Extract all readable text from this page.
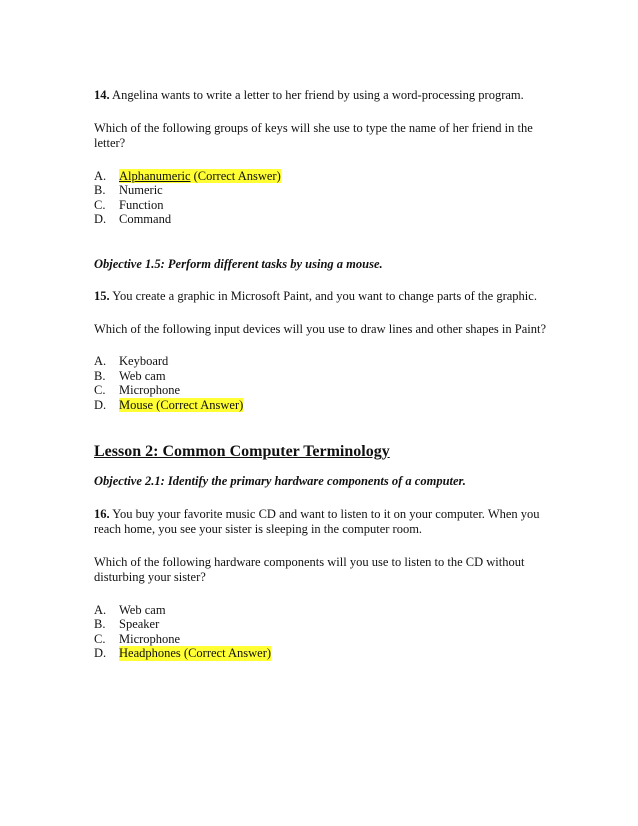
14. Angelina wants to write a letter to her friend by using a word-processing program.

Which of the following groups of keys will she use to type the name of her friend in the letter?

A.	Alphanumeric (Correct Answer)
B.	Numeric
C.	Function
D.	Command

Objective 1.5: Perform different tasks by using a mouse.

15. You create a graphic in Microsoft Paint, and you want to change parts of the graphic.

Which of the following input devices will you use to draw lines and other shapes in Paint?

A.	Keyboard
B.	Web cam
C.	Microphone
D.	Mouse (Correct Answer)

Lesson 2: Common Computer Terminology

Objective 2.1: Identify the primary hardware components of a computer.

16. You buy your favorite music CD and want to listen to it on your computer. When you reach home, you see your sister is sleeping in the computer room.

Which of the following hardware components will you use to listen to the CD without disturbing your sister?

A.	Web cam
B.	Speaker
C.	Microphone
D.	Headphones (Correct Answer)
